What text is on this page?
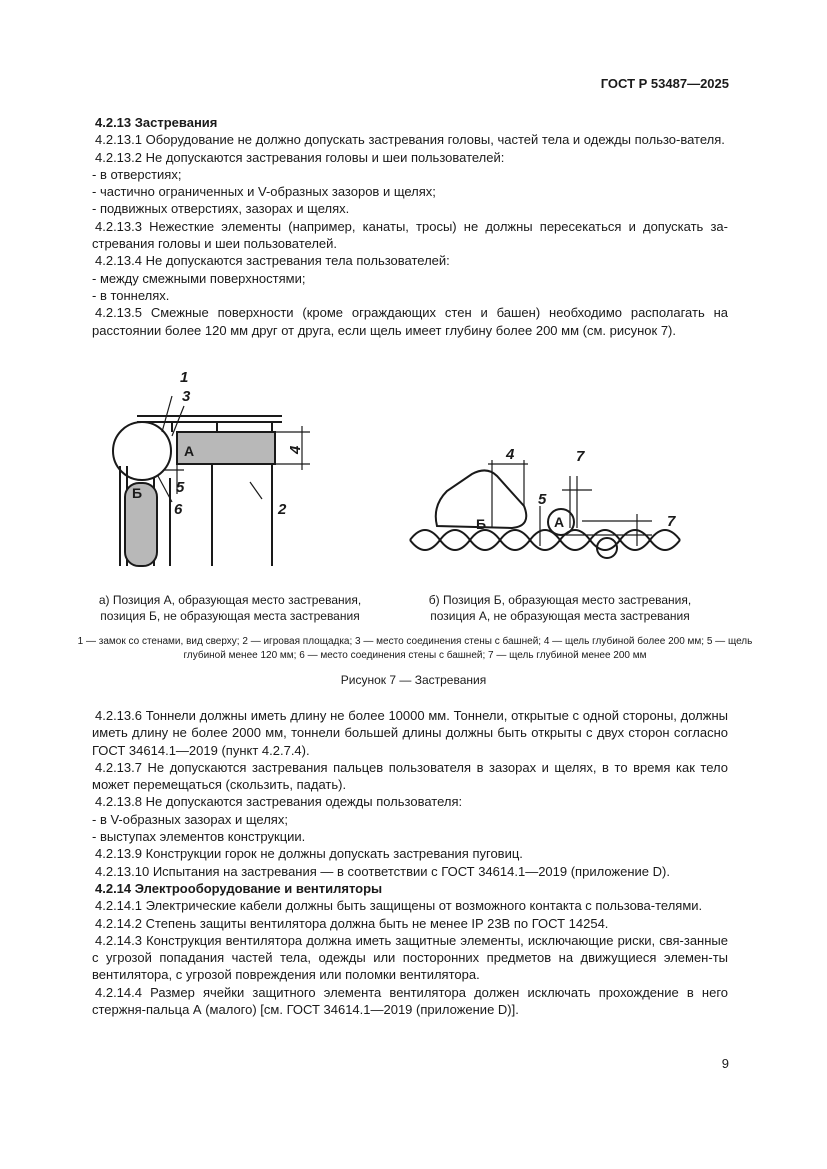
ГОСТ Р 53487—2025

4.2.13 Застревания

4.2.13.1 Оборудование не должно допускать застревания головы, частей тела и одежды пользо-вателя.

4.2.13.2 Не допускаются застревания головы и шеи пользователей:

- в отверстиях;

- частично ограниченных и V-образных зазоров и щелях;

- подвижных отверстиях, зазорах и щелях.

4.2.13.3 Нежесткие элементы (например, канаты, тросы) не должны пересекаться и допускать за-стревания головы и шеи пользователей.

4.2.13.4 Не допускаются застревания тела пользователей:

- между смежными поверхностями;

- в тоннелях.

4.2.13.5 Смежные поверхности (кроме ограждающих стен и башен) необходимо располагать на расстоянии более 120 мм друг от друга, если щель имеет глубину более 200 мм (см. рисунок 7).

1
3
А	4
Б 5
6	2
4	7
5
А
Б	7
а) Позиция А, образующая место застревания, позиция Б, не образующая места застревания
б) Позиция Б, образующая место застревания, позиция А, не образующая места застревания
1 — замок со стенами, вид сверху; 2 — игровая площадка; 3 — место соединения стены с башней; 4 — щель глубиной более 200 мм; 5 — щель глубиной менее 120 мм; 6 — место соединения стены с башней; 7 — щель глубиной менее 200 мм
Рисунок 7 — Застревания

4.2.13.6 Тоннели должны иметь длину не более 10000 мм. Тоннели, открытые с одной стороны, должны иметь длину не более 2000 мм, тоннели большей длины должны быть открыты с двух сторон согласно ГОСТ 34614.1—2019 (пункт 4.2.7.4).

4.2.13.7 Не допускаются застревания пальцев пользователя в зазорах и щелях, в то время как тело может перемещаться (скользить, падать).

4.2.13.8 Не допускаются застревания одежды пользователя:

- в V-образных зазорах и щелях;

- выступах элементов конструкции.

4.2.13.9 Конструкции горок не должны допускать застревания пуговиц.

4.2.13.10 Испытания на застревания — в соответствии с ГОСТ 34614.1—2019 (приложение D).

4.2.14 Электрооборудование и вентиляторы

4.2.14.1 Электрические кабели должны быть защищены от возможного контакта с пользова-телями.

4.2.14.2 Степень защиты вентилятора должна быть не менее IP 23B по ГОСТ 14254.

4.2.14.3 Конструкция вентилятора должна иметь защитные элементы, исключающие риски, свя-занные с угрозой попадания частей тела, одежды или посторонних предметов на движущиеся элемен-ты вентилятора, с угрозой повреждения или поломки вентилятора.

4.2.14.4 Размер ячейки защитного элемента вентилятора должен исключать прохождение в него стержня-пальца А (малого) [см. ГОСТ 34614.1—2019 (приложение D)].

9
